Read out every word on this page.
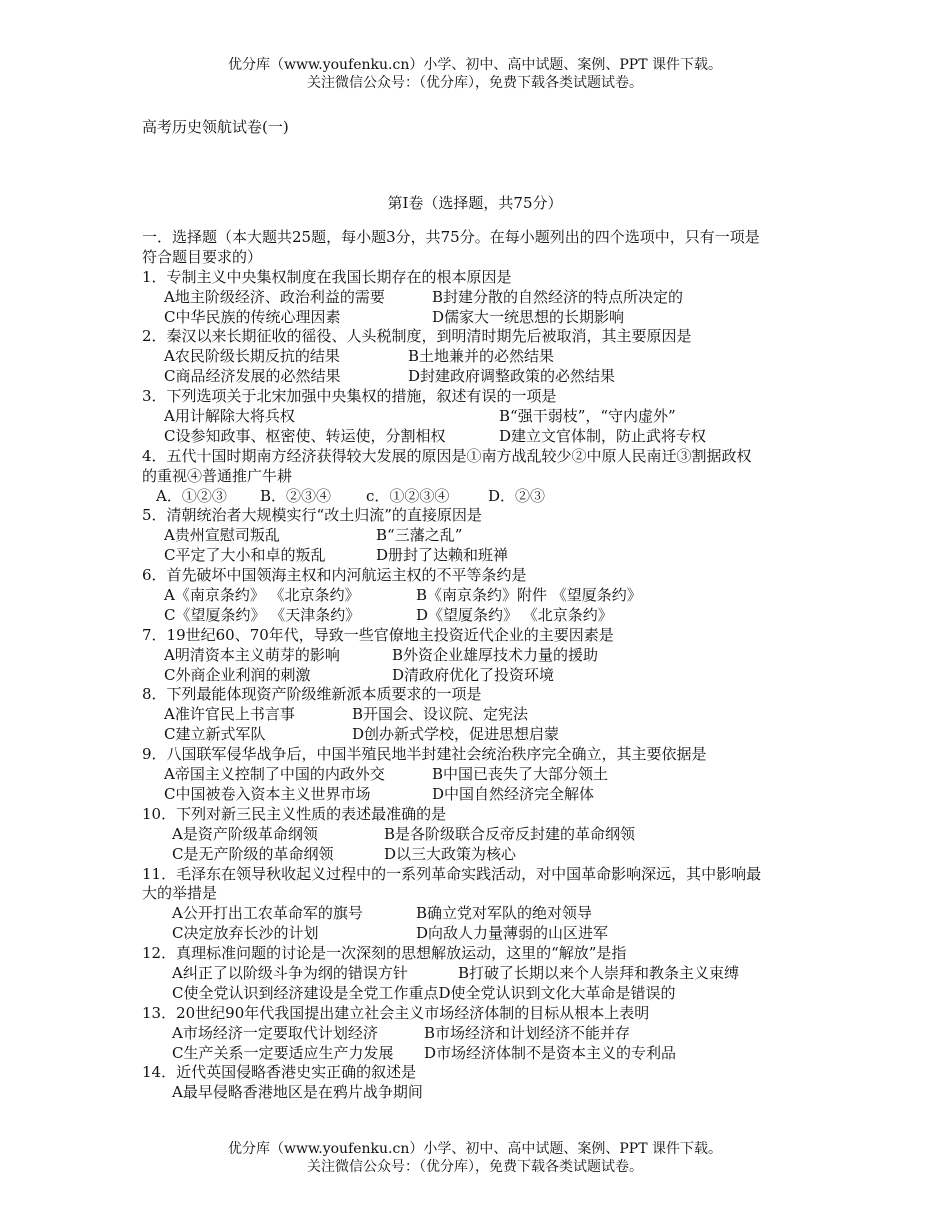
优分库（www.youfenku.cn）小学、初中、高中试题、案例、PPT 课件下载。
关注微信公众号：（优分库），免费下载各类试题试卷。
高考历史领航试卷(一)
第Ⅰ卷（选择题，共75分）
一．选择题（本大题共25题，每小题3分，共75分。在每小题列出的四个选项中，只有一项是
符合题目要求的）
1．专制主义中央集权制度在我国长期存在的根本原因是
A地主阶级经济、政治利益的需要	B封建分散的自然经济的特点所决定的
C中华民族的传统心理因素	D儒家大一统思想的长期影响
2．秦汉以来长期征收的徭役、人头税制度，到明清时期先后被取消，其主要原因是
A农民阶级长期反抗的结果	B土地兼并的必然结果
C商品经济发展的必然结果	D封建政府调整政策的必然结果
3．下列选项关于北宋加强中央集权的措施，叙述有误的一项是
A用计解除大将兵权	B“强干弱枝”，“守内虚外”
C设参知政事、枢密使、转运使，分割相权	D建立文官体制，防止武将专权
4．五代十国时期南方经济获得较大发展的原因是①南方战乱较少②中原人民南迁③割据政权
的重视④普通推广牛耕
A．①②③	B．②③④	c．①②③④	D．②③
5．清朝统治者大规模实行“改土归流”的直接原因是
A贵州宣慰司叛乱	B“三藩之乱”
C平定了大小和卓的叛乱	D册封了达赖和班禅
6．首先破坏中国领海主权和内河航运主权的不平等条约是
A《南京条约》 《北京条约》	B《南京条约》附件 《望厦条约》
C《望厦条约》 《天津条约》	D《望厦条约》 《北京条约》
7．19世纪60、70年代，导致一些官僚地主投资近代企业的主要因素是
A明清资本主义萌芽的影响	B外资企业雄厚技术力量的援助
C外商企业利润的刺激	D清政府优化了投资环境
8．下列最能体现资产阶级维新派本质要求的一项是
A准许官民上书言事	B开国会、设议院、定宪法
C建立新式军队	D创办新式学校，促进思想启蒙
9．八国联军侵华战争后，中国半殖民地半封建社会统治秩序完全确立，其主要依据是
A帝国主义控制了中国的内政外交	B中国已丧失了大部分领土
C中国被卷入资本主义世界市场	D中国自然经济完全解体
10．下列对新三民主义性质的表述最准确的是
A是资产阶级革命纲领	B是各阶级联合反帝反封建的革命纲领
C是无产阶级的革命纲领	D以三大政策为核心
11．毛泽东在领导秋收起义过程中的一系列革命实践活动，对中国革命影响深远，其中影响最
大的举措是
A公开打出工农革命军的旗号	B确立党对军队的绝对领导
C决定放弃长沙的计划	D向敌人力量薄弱的山区进军
12．真理标准问题的讨论是一次深刻的思想解放运动，这里的“解放”是指
A纠正了以阶级斗争为纲的错误方针	B打破了长期以来个人崇拜和教条主义束缚
C使全党认识到经济建设是全党工作重点 D使全党认识到文化大革命是错误的
13．20世纪90年代我国提出建立社会主义市场经济体制的目标从根本上表明
A市场经济一定要取代计划经济	B市场经济和计划经济不能并存
C生产关系一定要适应生产力发展	D市场经济体制不是资本主义的专利品
14．近代英国侵略香港史实正确的叙述是
A最早侵略香港地区是在鸦片战争期间
优分库（www.youfenku.cn）小学、初中、高中试题、案例、PPT 课件下载。
关注微信公众号：（优分库），免费下载各类试题试卷。
